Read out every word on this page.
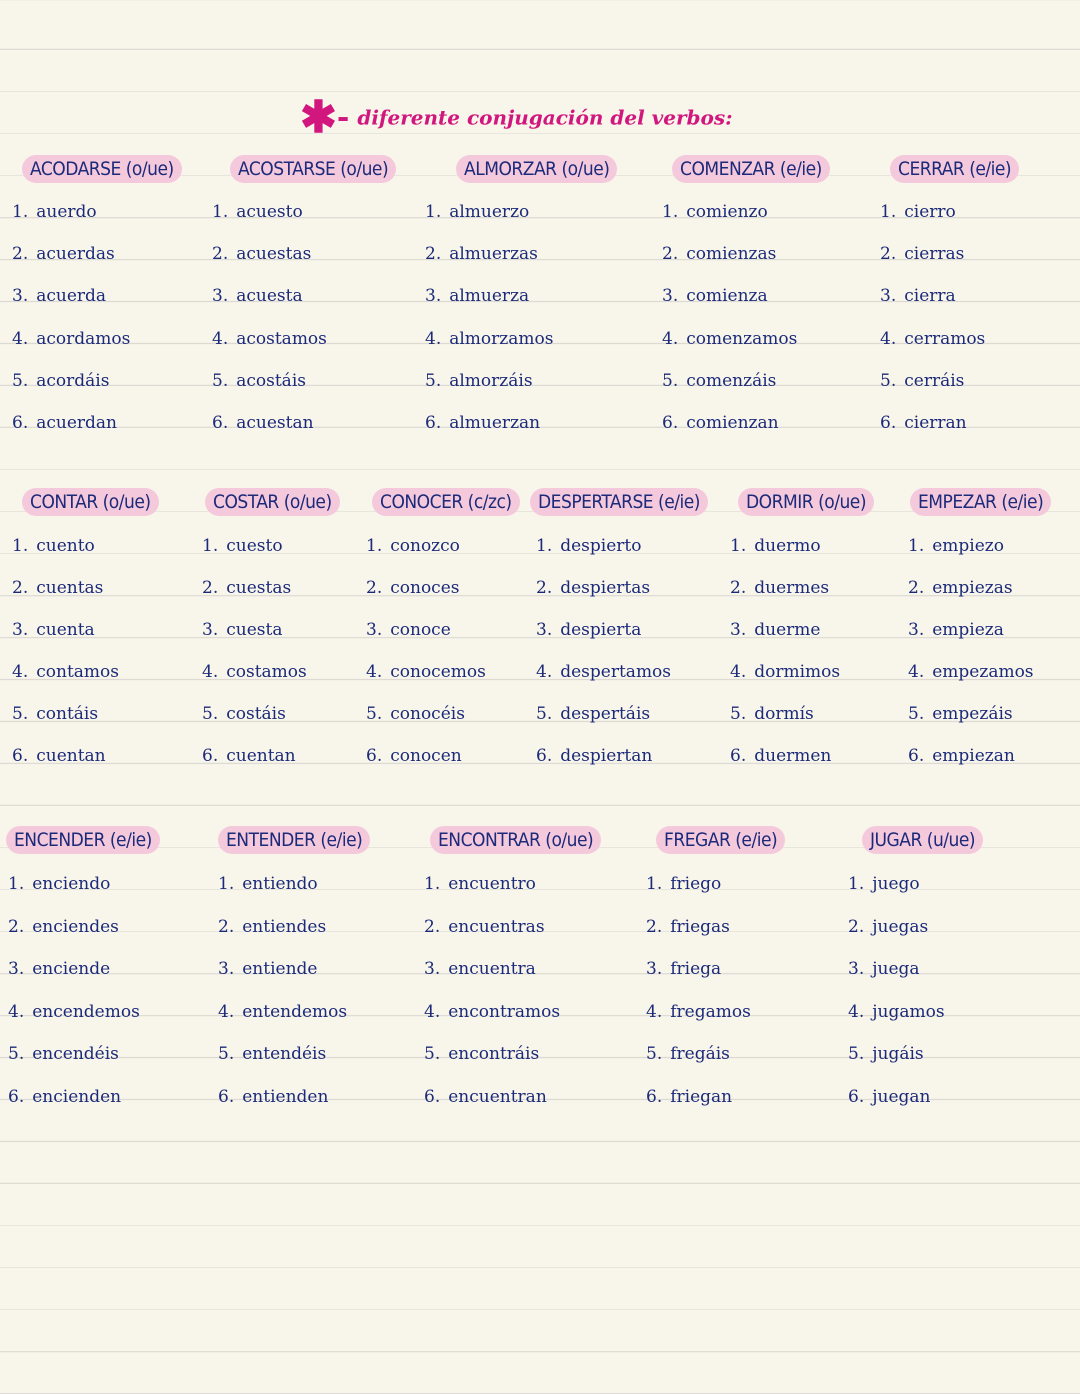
✱- diferente conjugación del verbos:
ACODARSE (o/ue)
1. auerdo
2. acuerdas
3. acuerda
4. acordamos
5. acordáis
6. acuerdan
ACOSTARSE (o/ue)
1. acuesto
2. acuestas
3. acuesta
4. acostamos
5. acostáis
6. acuestan
ALMORZAR (o/ue)
1. almuerzo
2. almuerzas
3. almuerza
4. almorzamos
5. almorzáis
6. almuerzan
COMENZAR (e/ie)
1. comienzo
2. comienzas
3. comienza
4. comenzamos
5. comenzáis
6. comienzan
CERRAR (e/ie)
1. cierro
2. cierras
3. cierra
4. cerramos
5. cerráis
6. cierran
CONTAR (o/ue)
1. cuento
2. cuentas
3. cuenta
4. contamos
5. contáis
6. cuentan
COSTAR (o/ue)
1. cuesto
2. cuestas
3. cuesta
4. costamos
5. costáis
6. cuentan
CONOCER (c/zc)
1. conozco
2. conoces
3. conoce
4. conocemos
5. conocéis
6. conocen
DESPERTARSE (e/ie)
1. despierto
2. despiertas
3. despierta
4. despertamos
5. despertáis
6. despiertan
DORMIR (o/ue)
1. duermo
2. duermes
3. duerme
4. dormimos
5. dormís
6. duermen
EMPEZAR (e/ie)
1. empiezo
2. empiezas
3. empieza
4. empezamos
5. empezáis
6. empiezan
ENCENDER (e/ie)
1. enciendo
2. enciendes
3. enciende
4. encendemos
5. encendéis
6. encienden
ENTENDER (e/ie)
1. entiendo
2. entiendes
3. entiende
4. entendemos
5. entendéis
6. entienden
ENCONTRAR (o/ue)
1. encuentro
2. encuentras
3. encuentra
4. encontramos
5. encontráis
6. encuentran
FREGAR (e/ie)
1. friego
2. friegas
3. friega
4. fregamos
5. fregáis
6. friegan
JUGAR (u/ue)
1. juego
2. juegas
3. juega
4. jugamos
5. jugáis
6. juegan
